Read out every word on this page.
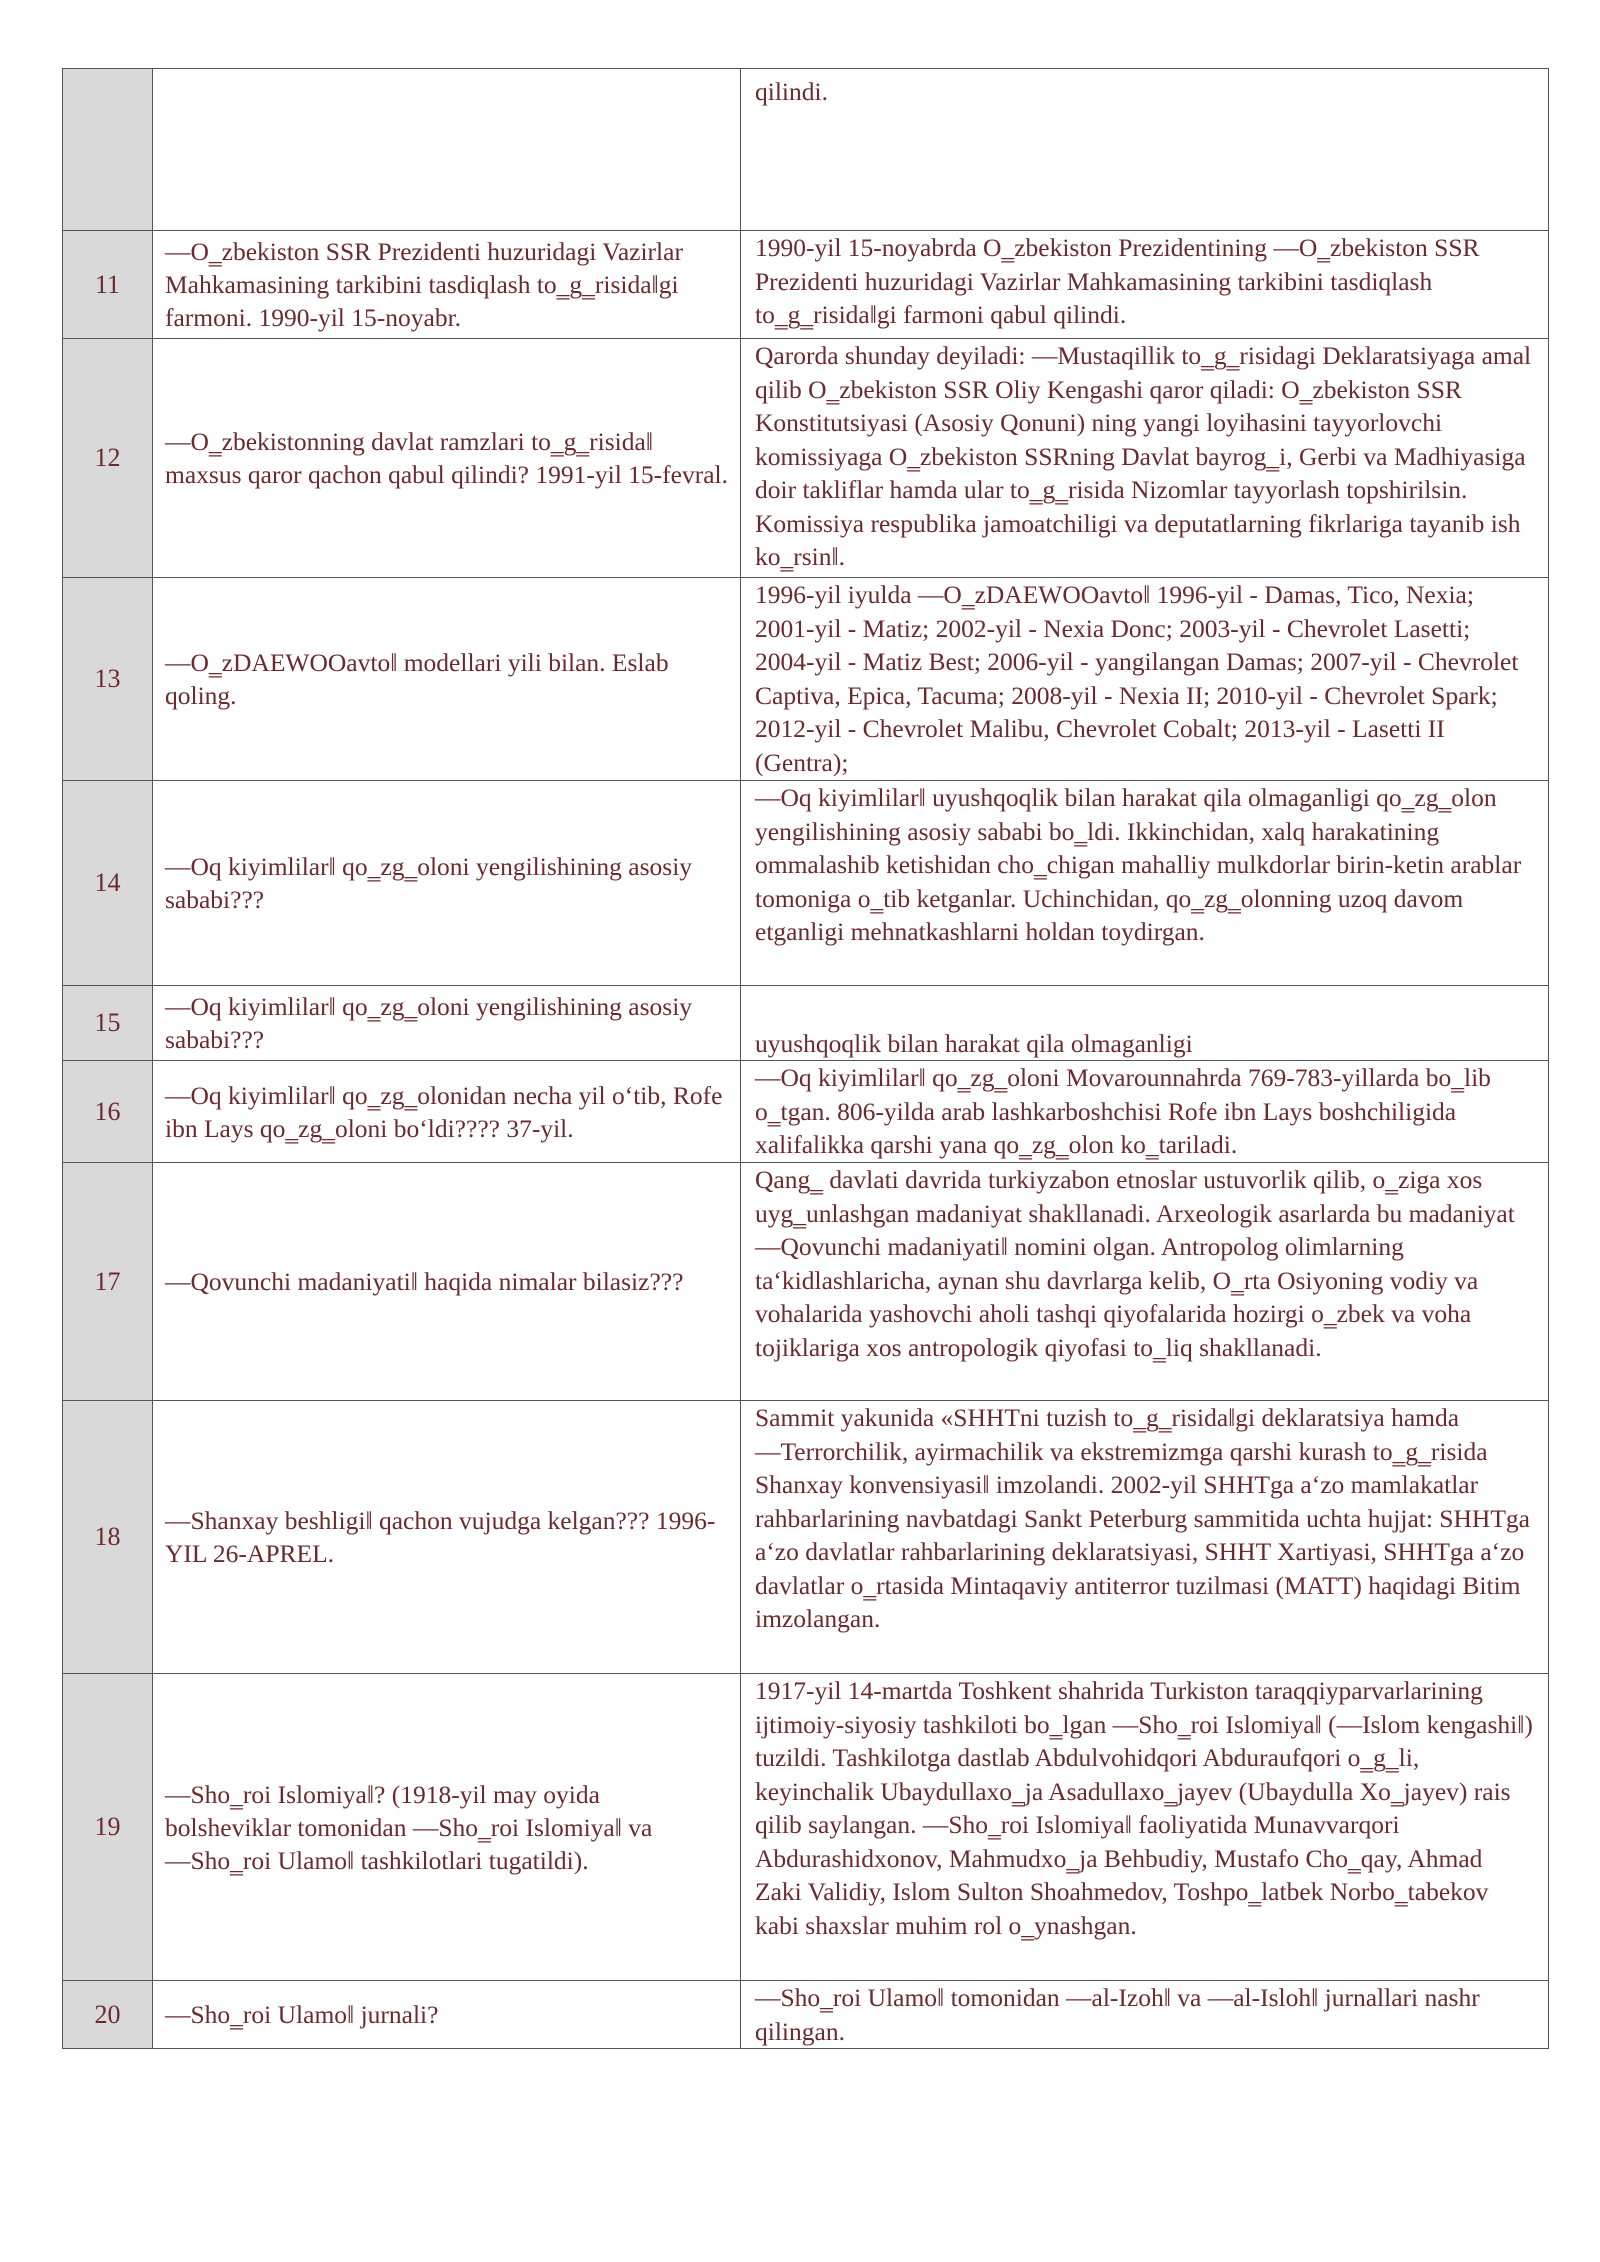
		qilindi.
11	―O‗zbekiston SSR Prezidenti huzuridagi Vazirlar Mahkamasining tarkibini tasdiqlash to‗g‗risida‖gi farmoni. 1990-yil 15-noyabr.	1990-yil 15-noyabrda O‗zbekiston Prezidentining ―O‗zbekiston SSR Prezidenti huzuridagi Vazirlar Mahkamasining tarkibini tasdiqlash to‗g‗risida‖gi farmoni qabul qilindi.
12	―O‗zbekistonning davlat ramzlari to‗g‗risida‖ maxsus qaror qachon qabul qilindi? 1991-yil 15-fevral.	Qarorda shunday deyiladi: ―Mustaqillik to‗g‗risidagi Deklaratsiyaga amal qilib O‗zbekiston SSR Oliy Kengashi qaror qiladi: O‗zbekiston SSR Konstitutsiyasi (Asosiy Qonuni) ning yangi loyihasini tayyorlovchi komissiyaga O‗zbekiston SSRning Davlat bayrog‗i, Gerbi va Madhiyasiga doir takliflar hamda ular to‗g‗risida Nizomlar tayyorlash topshirilsin. Komissiya respublika jamoatchiligi va deputatlarning fikrlariga tayanib ish ko‗rsin‖.
13	―O‗zDAEWOOavto‖ modellari yili bilan. Eslab qoling.	1996-yil iyulda ―O‗zDAEWOOavto‖ 1996-yil - Damas, Tico, Nexia; 2001-yil - Matiz; 2002-yil - Nexia Donc; 2003-yil - Chevrolet Lasetti; 2004-yil - Matiz Best; 2006-yil - yangilangan Damas; 2007-yil - Chevrolet Captiva, Epica, Tacuma; 2008-yil - Nexia II; 2010-yil - Chevrolet Spark; 2012-yil - Chevrolet Malibu, Chevrolet Cobalt; 2013-yil - Lasetti II (Gentra);
14	―Oq kiyimlilar‖ qo‗zg‗oloni yengilishining asosiy sababi???	―Oq kiyimlilar‖ uyushqoqlik bilan harakat qila olmaganligi qo‗zg‗olon yengilishining asosiy sababi bo‗ldi. Ikkinchidan, xalq harakatining ommalashib ketishidan cho‗chigan mahalliy mulkdorlar birin-ketin arablar tomoniga o‗tib ketganlar. Uchinchidan, qo‗zg‗olonning uzoq davom etganligi mehnatkashlarni holdan toydirgan.
15	―Oq kiyimlilar‖ qo‗zg‗oloni yengilishining asosiy sababi???	uyushqoqlik bilan harakat qila olmaganligi
16	―Oq kiyimlilar‖ qo‗zg‗olonidan necha yil o‘tib, Rofe ibn Lays qo‗zg‗oloni bo‘ldi???? 37-yil.	―Oq kiyimlilar‖ qo‗zg‗oloni Movarounnahrda 769-783-yillarda bo‗lib o‗tgan. 806-yilda arab lashkarboshchisi Rofe ibn Lays boshchiligida xalifalikka qarshi yana qo‗zg‗olon ko‗tariladi.
17	―Qovunchi madaniyati‖ haqida nimalar bilasiz???	Qang‗ davlati davrida turkiyzabon etnoslar ustuvorlik qilib, o‗ziga xos uyg‗unlashgan madaniyat shakllanadi. Arxeologik asarlarda bu madaniyat ―Qovunchi madaniyati‖ nomini olgan. Antropolog olimlarning ta‘kidlashlaricha, aynan shu davrlarga kelib, O‗rta Osiyoning vodiy va vohalarida yashovchi aholi tashqi qiyofalarida hozirgi o‗zbek va voha tojiklariga xos antropologik qiyofasi to‗liq shakllanadi.
18	―Shanxay beshligi‖ qachon vujudga kelgan??? 1996-YIL 26-APREL.	Sammit yakunida «SHHTni tuzish to‗g‗risida‖gi deklaratsiya hamda ―Terrorchilik, ayirmachilik va ekstremizmga qarshi kurash to‗g‗risida Shanxay konvensiyasi‖ imzolandi. 2002-yil SHHTga a‘zo mamlakatlar rahbarlarining navbatdagi Sankt Peterburg sammitida uchta hujjat: SHHTga a‘zo davlatlar rahbarlarining deklaratsiyasi, SHHT Xartiyasi, SHHTga a‘zo davlatlar o‗rtasida Mintaqaviy antiterror tuzilmasi (MATT) haqidagi Bitim imzolangan.
19	―Sho‗roi Islomiya‖? (1918-yil may oyida bolsheviklar tomonidan ―Sho‗roi Islomiya‖ va ―Sho‗roi Ulamo‖ tashkilotlari tugatildi).	1917-yil 14-martda Toshkent shahrida Turkiston taraqqiyparvarlarining ijtimoiy-siyosiy tashkiloti bo‗lgan ―Sho‗roi Islomiya‖ (―Islom kengashi‖) tuzildi. Tashkilotga dastlab Abdulvohidqori Abduraufqori o‗g‗li, keyinchalik Ubaydullaxo‗ja Asadullaxo‗jayev (Ubaydulla Xo‗jayev) rais qilib saylangan. ―Sho‗roi Islomiya‖ faoliyatida Munavvarqori Abdurashidxonov, Mahmudxo‗ja Behbudiy, Mustafo Cho‗qay, Ahmad Zaki Validiy, Islom Sulton Shoahmedov, Toshpo‗latbek Norbo‗tabekov kabi shaxslar muhim rol o‗ynashgan.
20	―Sho‗roi Ulamo‖ jurnali?	―Sho‗roi Ulamo‖ tomonidan ―al-Izoh‖ va ―al-Isloh‖ jurnallari nashr qilingan.
